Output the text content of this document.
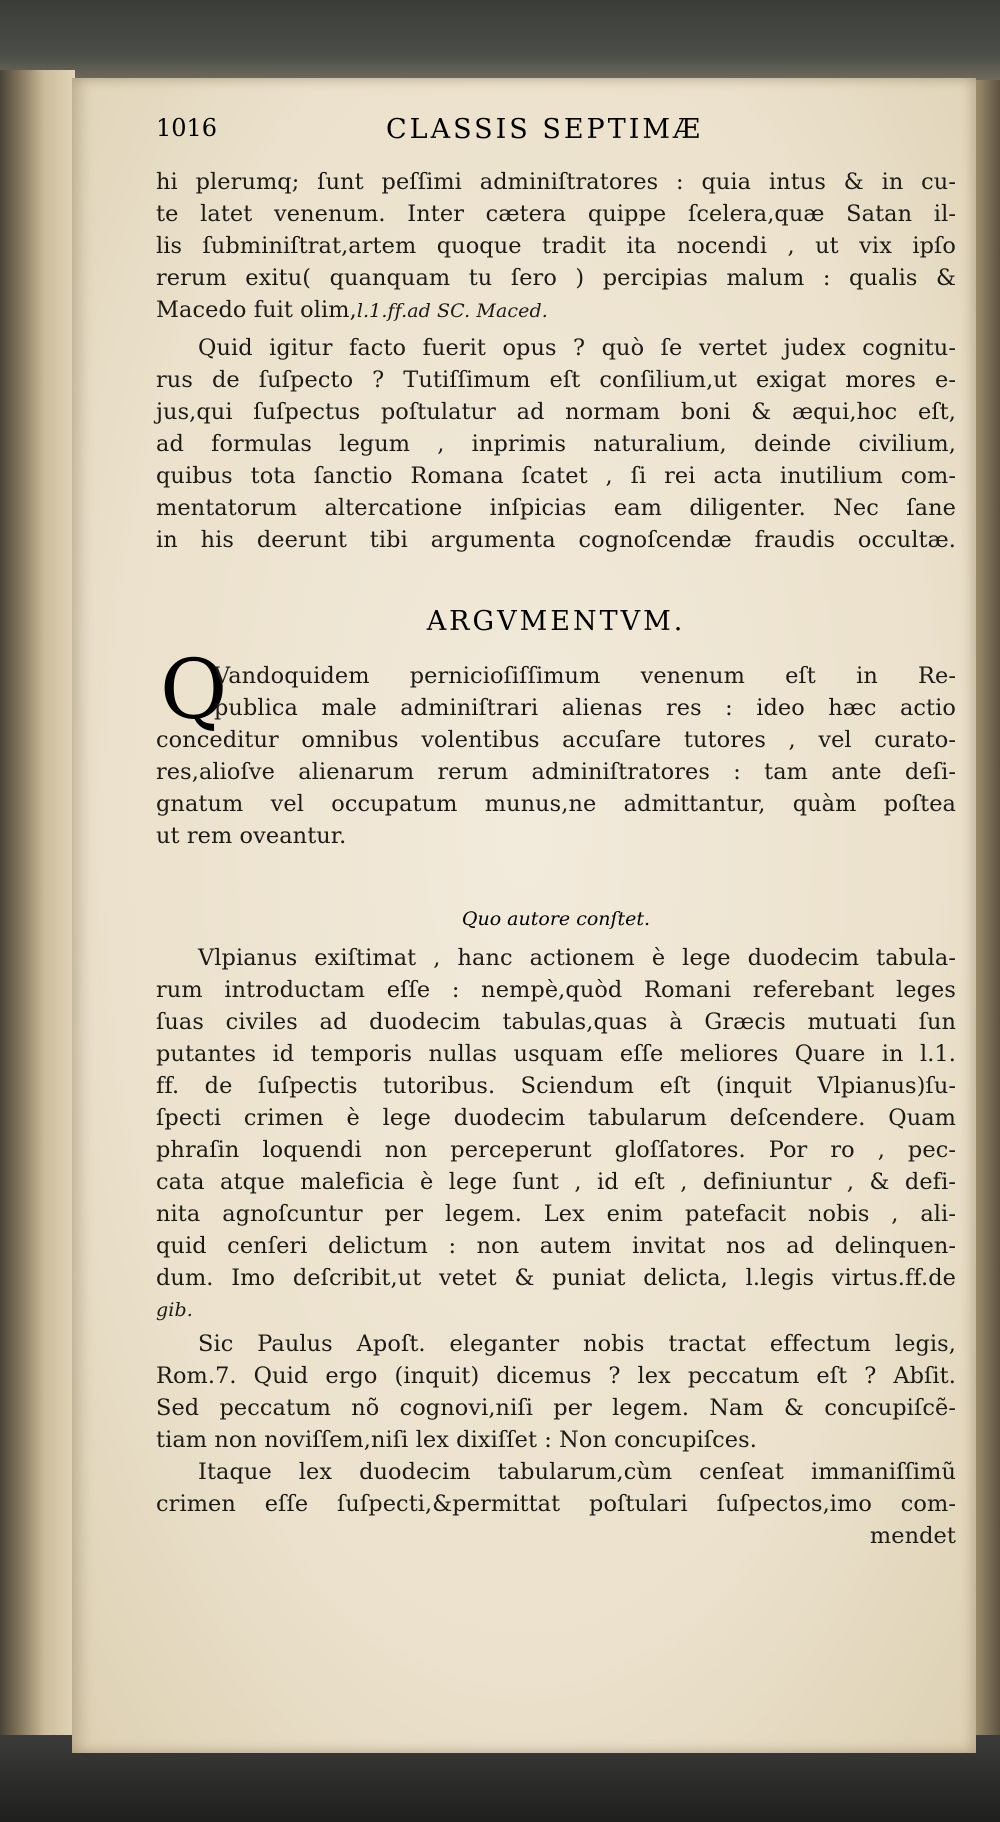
1016	CLASSIS SEPTIMÆ
hi plerumq; ſunt peſſimi adminiſtratores : quia intus & in cu-
te latet venenum. Inter cætera quippe ſcelera,quæ Satan il-
lis ſubminiſtrat,artem quoque tradit ita nocendi , ut vix ipſo
rerum exitu( quanquam tu ſero ) percipias malum : qualis &
Macedo fuit olim,l.1.ff.ad SC. Maced.
Quid igitur facto fuerit opus ? quò ſe vertet judex cognitu-
rus de ſuſpecto ? Tutiſſimum eſt conſilium,ut exigat mores e-
jus,qui ſuſpectus poſtulatur ad normam boni & æqui,hoc eſt,
ad formulas legum , inprimis naturalium, deinde civilium,
quibus tota ſanctio Romana ſcatet , ſi rei acta inutilium com-
mentatorum altercatione inſpicias eam diligenter. Nec ſane
in his deerunt tibi argumenta cognoſcendæ fraudis occultæ.
ARGVMENTVM.
Q
Vandoquidem pernicioſiſſimum venenum eſt in Re-
publica male adminiſtrari alienas res : ideo hæc actio
conceditur omnibus volentibus accuſare tutores , vel curato-
res,alioſve alienarum rerum adminiſtratores : tam ante deſi-
gnatum vel occupatum munus,ne admittantur, quàm poſtea
ut rem oveantur.
Quo autore conſtet.
Vlpianus exiſtimat , hanc actionem è lege duodecim tabula-
rum introductam eſſe : nempè,quòd Romani referebant leges
ſuas civiles ad duodecim tabulas,quas à Græcis mutuati ſun
putantes id temporis nullas usquam eſſe meliores Quare in l.1.
ff. de ſuſpectis tutoribus. Sciendum eſt (inquit Vlpianus)ſu-
ſpecti crimen è lege duodecim tabularum deſcendere. Quam
phraſin loquendi non perceperunt gloſſatores. Por ro , pec-
cata atque maleficia è lege ſunt , id eſt , definiuntur , & defi-
nita agnoſcuntur per legem. Lex enim patefacit nobis , ali-
quid cenſeri delictum : non autem invitat nos ad delinquen-
dum. Imo deſcribit,ut vetet & puniat delicta, l.legis virtus.ff.de
gib.
Sic Paulus Apoſt. eleganter nobis tractat effectum legis,
Rom.7. Quid ergo (inquit) dicemus ? lex peccatum eſt ? Abſit.
Sed peccatum nõ cognovi,niſi per legem. Nam & concupiſcẽ-
tiam non noviſſem,niſi lex dixiſſet : Non concupiſces.
Itaque lex duodecim tabularum,cùm cenſeat immaniſſimũ
crimen eſſe ſuſpecti,&permittat poſtulari ſuſpectos,imo com-
mendet
